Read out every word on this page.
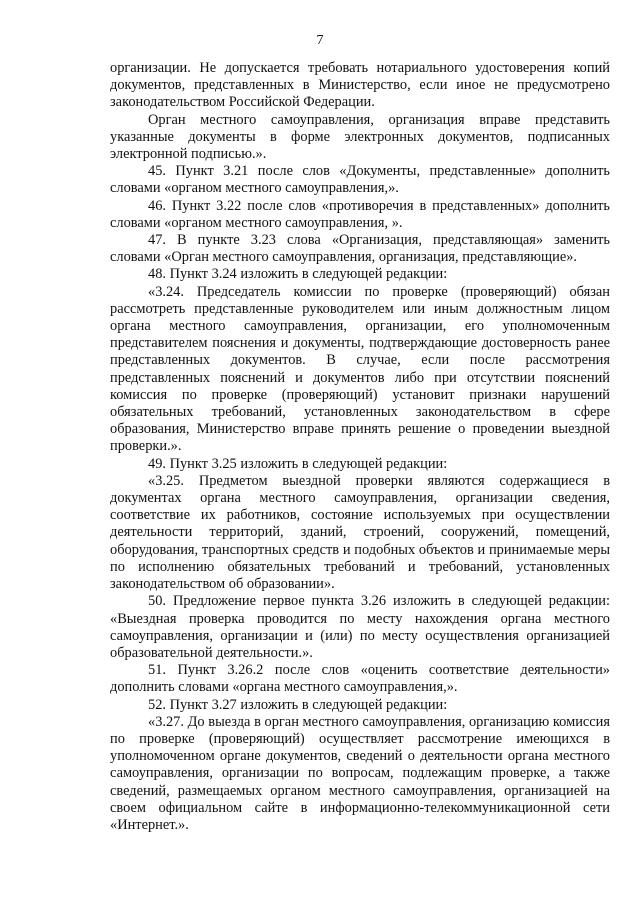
7

организации. Не допускается требовать нотариального удостоверения копий документов, представленных в Министерство, если иное не предусмотрено законодательством Российской Федерации.

Орган местного самоуправления, организация вправе представить указанные документы в форме электронных документов, подписанных электронной подписью.».

45. Пункт 3.21 после слов «Документы, представленные» дополнить словами «органом местного самоуправления,».

46. Пункт 3.22 после слов «противоречия в представленных» дополнить словами «органом местного самоуправления, ».

47. В пункте 3.23 слова «Организация, представляющая» заменить словами «Орган местного самоуправления, организация, представляющие».

48. Пункт 3.24 изложить в следующей редакции:

«3.24. Председатель комиссии по проверке (проверяющий) обязан рассмотреть представленные руководителем или иным должностным лицом органа местного самоуправления, организации, его уполномоченным представителем пояснения и документы, подтверждающие достоверность ранее представленных документов. В случае, если после рассмотрения представленных пояснений и документов либо при отсутствии пояснений комиссия по проверке (проверяющий) установит признаки нарушений обязательных требований, установленных законодательством в сфере образования, Министерство вправе принять решение о проведении выездной проверки.».

49. Пункт 3.25 изложить в следующей редакции:

«3.25. Предметом выездной проверки являются содержащиеся в документах органа местного самоуправления, организации сведения, соответствие их работников, состояние используемых при осуществлении деятельности территорий, зданий, строений, сооружений, помещений, оборудования, транспортных средств и подобных объектов и принимаемые меры по исполнению обязательных требований и требований, установленных законодательством об образовании».

50. Предложение первое пункта 3.26 изложить в следующей редакции: «Выездная проверка проводится по месту нахождения органа местного самоуправления, организации и (или) по месту осуществления организацией образовательной деятельности.».

51. Пункт 3.26.2 после слов «оценить соответствие деятельности» дополнить словами «органа местного самоуправления,».

52. Пункт 3.27 изложить в следующей редакции:

«3.27. До выезда в орган местного самоуправления, организацию комиссия по проверке (проверяющий) осуществляет рассмотрение имеющихся в уполномоченном органе документов, сведений о деятельности органа местного самоуправления, организации по вопросам, подлежащим проверке, а также сведений, размещаемых органом местного самоуправления, организацией на своем официальном сайте в информационно-телекоммуникационной сети «Интернет.».
